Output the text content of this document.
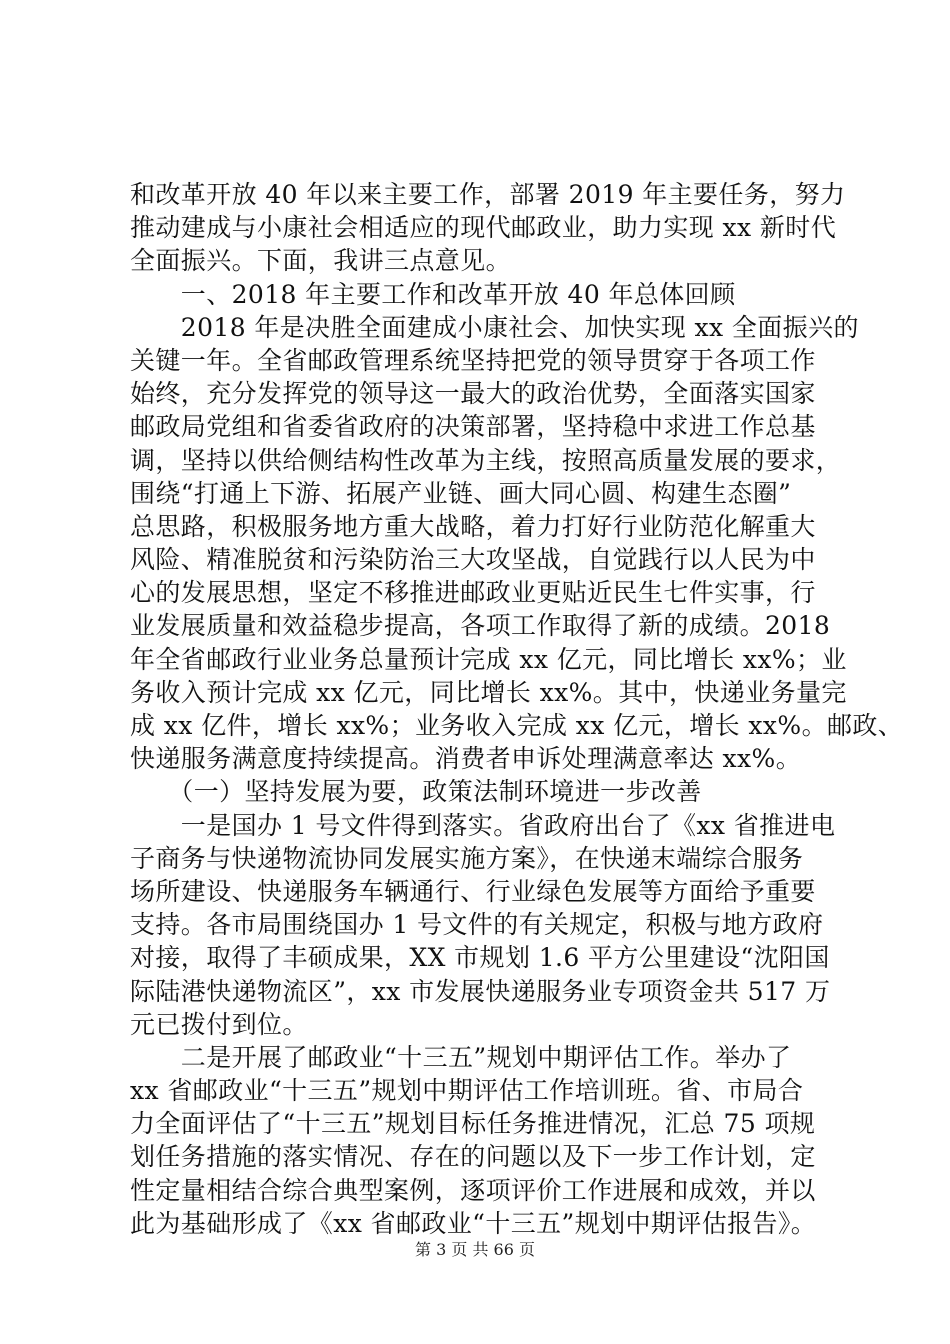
和改革开放 40 年以来主要工作，部署 2019 年主要任务，努力
推动建成与小康社会相适应的现代邮政业，助力实现 xx 新时代
全面振兴。下面，我讲三点意见。
　　一、2018 年主要工作和改革开放 40 年总体回顾
　　2018 年是决胜全面建成小康社会、加快实现 xx 全面振兴的
关键一年。全省邮政管理系统坚持把党的领导贯穿于各项工作
始终，充分发挥党的领导这一最大的政治优势，全面落实国家
邮政局党组和省委省政府的决策部署，坚持稳中求进工作总基
调，坚持以供给侧结构性改革为主线，按照高质量发展的要求，
围绕“打通上下游、拓展产业链、画大同心圆、构建生态圈”
总思路，积极服务地方重大战略，着力打好行业防范化解重大
风险、精准脱贫和污染防治三大攻坚战，自觉践行以人民为中
心的发展思想，坚定不移推进邮政业更贴近民生七件实事，行
业发展质量和效益稳步提高，各项工作取得了新的成绩。2018
年全省邮政行业业务总量预计完成 xx 亿元，同比增长 xx%；业
务收入预计完成 xx 亿元，同比增长 xx%。其中，快递业务量完
成 xx 亿件，增长 xx%；业务收入完成 xx 亿元，增长 xx%。邮政、
快递服务满意度持续提高。消费者申诉处理满意率达 xx%。
　　（一）坚持发展为要，政策法制环境进一步改善
　　一是国办 1 号文件得到落实。省政府出台了《xx 省推进电
子商务与快递物流协同发展实施方案》，在快递末端综合服务
场所建设、快递服务车辆通行、行业绿色发展等方面给予重要
支持。各市局围绕国办 1 号文件的有关规定，积极与地方政府
对接，取得了丰硕成果，XX 市规划 1.6 平方公里建设“沈阳国
际陆港快递物流区”，xx 市发展快递服务业专项资金共 517 万
元已拨付到位。
　　二是开展了邮政业“十三五”规划中期评估工作。举办了
xx 省邮政业“十三五”规划中期评估工作培训班。省、市局合
力全面评估了“十三五”规划目标任务推进情况，汇总 75 项规
划任务措施的落实情况、存在的问题以及下一步工作计划，定
性定量相结合综合典型案例，逐项评价工作进展和成效，并以
此为基础形成了《xx 省邮政业“十三五”规划中期评估报告》。
第 3 页 共 66 页
